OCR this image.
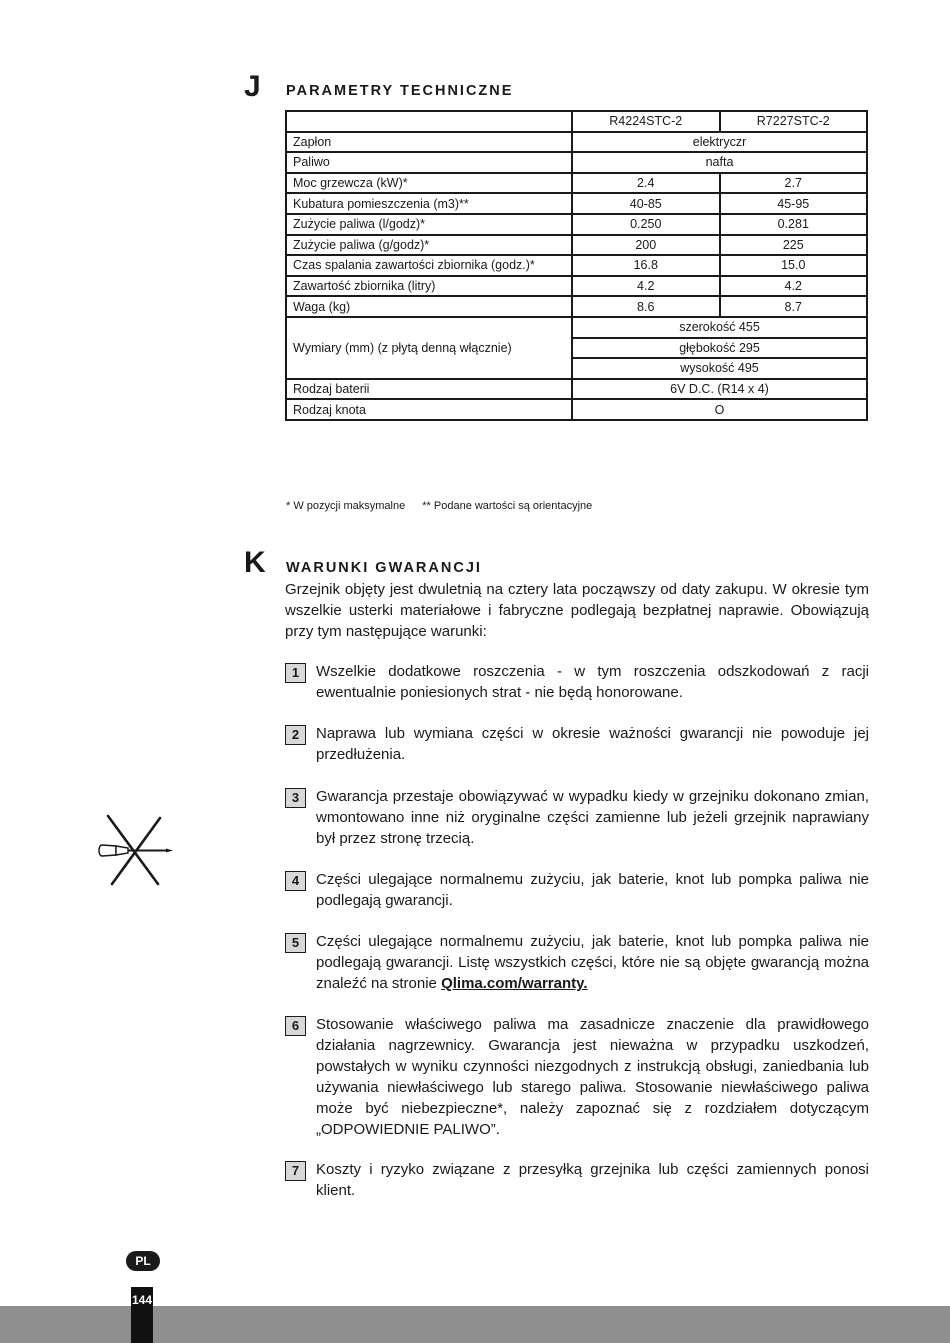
J PARAMETRY TECHNICZNE
	R4224STC-2	R7227STC-2
Zapłon	elektryczr	
Paliwo	nafta	
Moc grzewcza (kW)*	2.4	2.7
Kubatura pomieszczenia (m3)**	40-85	45-95
Zużycie paliwa (l/godz)*	0.250	0.281
Zużycie paliwa (g/godz)*	200	225
Czas spalania zawartości zbiornika (godz.)*	16.8	15.0
Zawartość zbiornika (litry)	4.2	4.2
Waga (kg)	8.6	8.7
Wymiary (mm) (z płytą denną włącznie)	szerokość 455	
	głębokość 295	
	wysokość 495	
Rodzaj baterii	6V D.C. (R14 x 4)	
Rodzaj knota	O	
* W pozycji maksymalne ** Podane wartości są orientacyjne
K WARUNKI GWARANCJI
Grzejnik objęty jest dwuletnią na cztery lata począwszy od daty zakupu. W okresie tym wszelkie usterki materiałowe i fabryczne podlegają bezpłatnej naprawie. Obowiązują przy tym następujące warunki:
1	Wszelkie dodatkowe roszczenia - w tym roszczenia odszkodowań z racji ewentualnie poniesionych strat - nie będą honorowane.
2	Naprawa lub wymiana części w okresie ważności gwarancji nie powoduje jej przedłużenia.
3	Gwarancja przestaje obowiązywać w wypadku kiedy w grzejniku dokonano zmian, wmontowano inne niż oryginalne części zamienne lub jeżeli grzejnik naprawiany był przez stronę trzecią.
4	Części ulegające normalnemu zużyciu, jak baterie, knot lub pompka paliwa nie podlegają gwarancji.
5	Części ulegające normalnemu zużyciu, jak baterie, knot lub pompka paliwa nie podlegają gwarancji. Listę wszystkich części, które nie są objęte gwarancją można znaleźć na stronie Qlima.com/warranty.
6	Stosowanie właściwego paliwa ma zasadnicze znaczenie dla prawidłowego działania nagrzewnicy. Gwarancja jest nieważna w przypadku uszkodzeń, powstałych w wyniku czynności niezgodnych z instrukcją obsługi, zaniedbania lub używania niewłaściwego lub starego paliwa. Stosowanie niewłaściwego paliwa może być niebezpieczne*, należy zapoznać się z rozdziałem dotyczącym „ODPOWIEDNIE PALIWO”.
7	Koszty i ryzyko związane z przesyłką grzejnika lub części zamiennych ponosi klient.
PL
144
